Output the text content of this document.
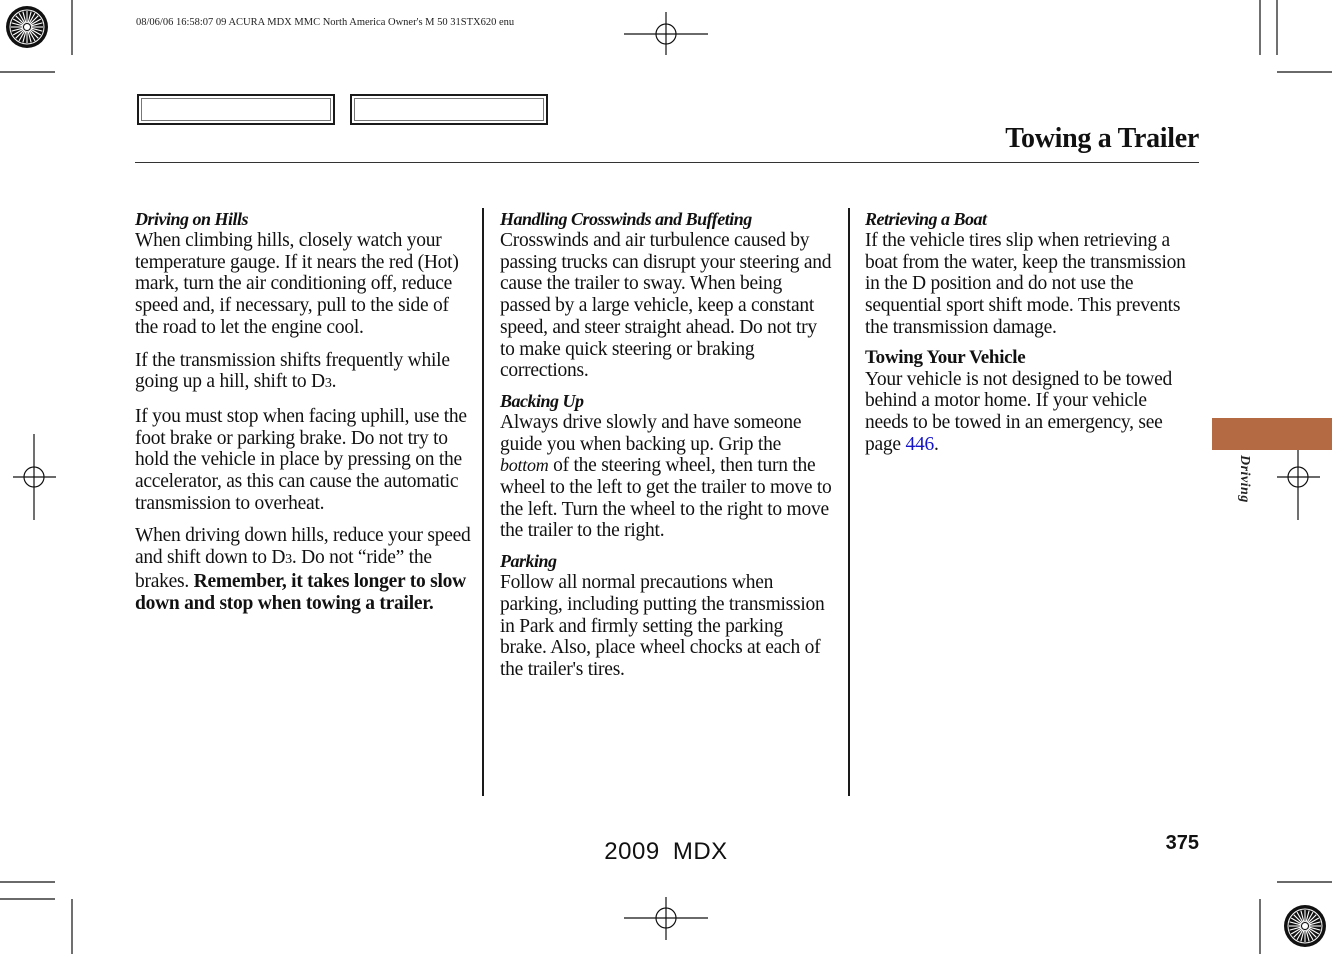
08/06/06 16:58:07 09 ACURA MDX MMC North America Owner's M 50 31STX620 enu
Towing a Trailer
Driving on Hills

When climbing hills, closely watch your temperature gauge. If it nears the red (Hot) mark, turn the air conditioning off, reduce speed and, if necessary, pull to the side of the road to let the engine cool.

If the transmission shifts frequently while going up a hill, shift to D3.

If you must stop when facing uphill, use the foot brake or parking brake. Do not try to hold the vehicle in place by pressing on the accelerator, as this can cause the automatic transmission to overheat.

When driving down hills, reduce your speed and shift down to D3. Do not “ride” the brakes. Remember, it takes longer to slow down and stop when towing a trailer.

Handling Crosswinds and Buffeting

Crosswinds and air turbulence caused by passing trucks can disrupt your steering and cause the trailer to sway. When being passed by a large vehicle, keep a constant speed, and steer straight ahead. Do not try to make quick steering or braking corrections.

Backing Up

Always drive slowly and have someone guide you when backing up. Grip the bottom of the steering wheel, then turn the wheel to the left to get the trailer to move to the left. Turn the wheel to the right to move the trailer to the right.

Parking

Follow all normal precautions when parking, including putting the transmission in Park and firmly setting the parking brake. Also, place wheel chocks at each of the trailer's tires.

Retrieving a Boat

If the vehicle tires slip when retrieving a boat from the water, keep the transmission in the D position and do not use the sequential sport shift mode. This prevents the transmission damage.

Towing Your Vehicle

Your vehicle is not designed to be towed behind a motor home. If your vehicle needs to be towed in an emergency, see page 446.

Driving
375
2009 MDX
